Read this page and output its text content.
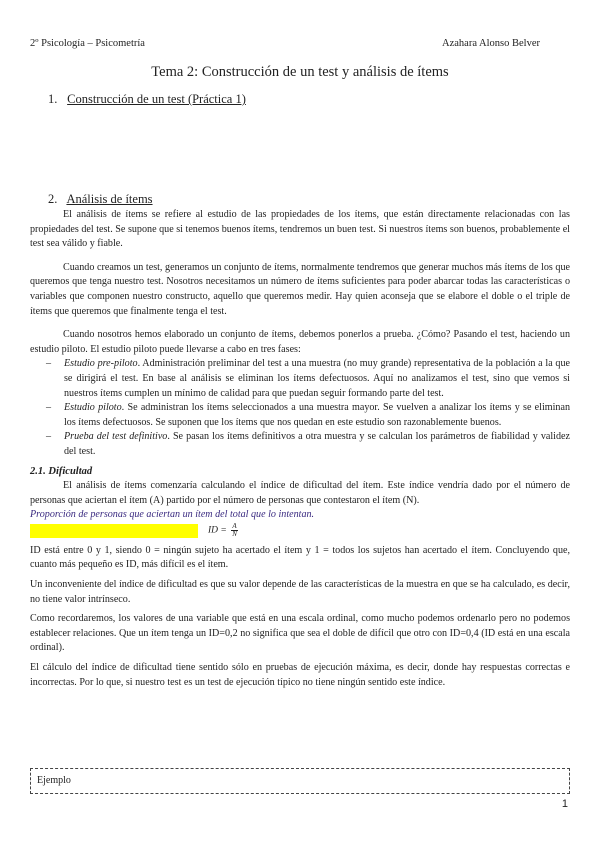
2º Psicología – Psicometría	Azahara Alonso Belver
Tema 2: Construcción de un test y análisis de ítems
1. Construcción de un test (Práctica 1)
2. Análisis de ítems

El análisis de ítems se refiere al estudio de las propiedades de los ítems, que están directamente relacionadas con las propiedades del test. Se supone que si tenemos buenos ítems, tendremos un buen test. Si nuestros ítems son buenos, probablemente el test sea válido y fiable.

Cuando creamos un test, generamos un conjunto de ítems, normalmente tendremos que generar muchos más ítems de los que queremos que tenga nuestro test. Nosotros necesitamos un número de ítems suficientes para poder abarcar todas las características o variables que componen nuestro constructo, aquello que queremos medir. Hay quien aconseja que se elabore el doble o el triple de ítems que queremos que finalmente tenga el test.

Cuando nosotros hemos elaborado un conjunto de ítems, debemos ponerlos a prueba. ¿Cómo? Pasando el test, haciendo un estudio piloto. El estudio piloto puede llevarse a cabo en tres fases:

– Estudio pre-piloto. Administración preliminar del test a una muestra (no muy grande) representativa de la población a la que se dirigirá el test. En base al análisis se eliminan los ítems defectuosos. Aquí no analizamos el test, sino que vemos si nuestros ítems cumplen un mínimo de calidad para que puedan seguir formando parte del test.
– Estudio piloto. Se administran los ítems seleccionados a una muestra mayor. Se vuelven a analizar los ítems y se eliminan los ítems defectuosos. Se suponen que los ítems que nos quedan en este estudio son razonablemente buenos.
– Prueba del test definitivo. Se pasan los ítems definitivos a otra muestra y se calculan los parámetros de fiabilidad y validez del test.

2.1. Dificultad

El análisis de ítems comenzaría calculando el índice de dificultad del ítem. Este índice vendría dado por el número de personas que aciertan el ítem (A) partido por el número de personas que contestaron el ítem (N).

Proporción de personas que aciertan un ítem del total que lo intentan.

ID = $\frac{A}{N}$

ID está entre 0 y 1, siendo 0 = ningún sujeto ha acertado el ítem y 1 = todos los sujetos han acertado el ítem. Concluyendo que, cuanto más pequeño es ID, más difícil es el ítem.

Un inconveniente del índice de dificultad es que su valor depende de las características de la muestra en que se ha calculado, es decir, no tiene valor intrínseco.

Como recordaremos, los valores de una variable que está en una escala ordinal, como mucho podemos ordenarlo pero no podemos establecer relaciones. Que un ítem tenga un ID=0,2 no significa que sea el doble de difícil que otro con ID=0,4 (ID está en una escala ordinal).

El cálculo del índice de dificultad tiene sentido sólo en pruebas de ejecución máxima, es decir, donde hay respuestas correctas e incorrectas. Por lo que, si nuestro test es un test de ejecución típico no tiene ningún sentido este índice.

Ejemplo
1
